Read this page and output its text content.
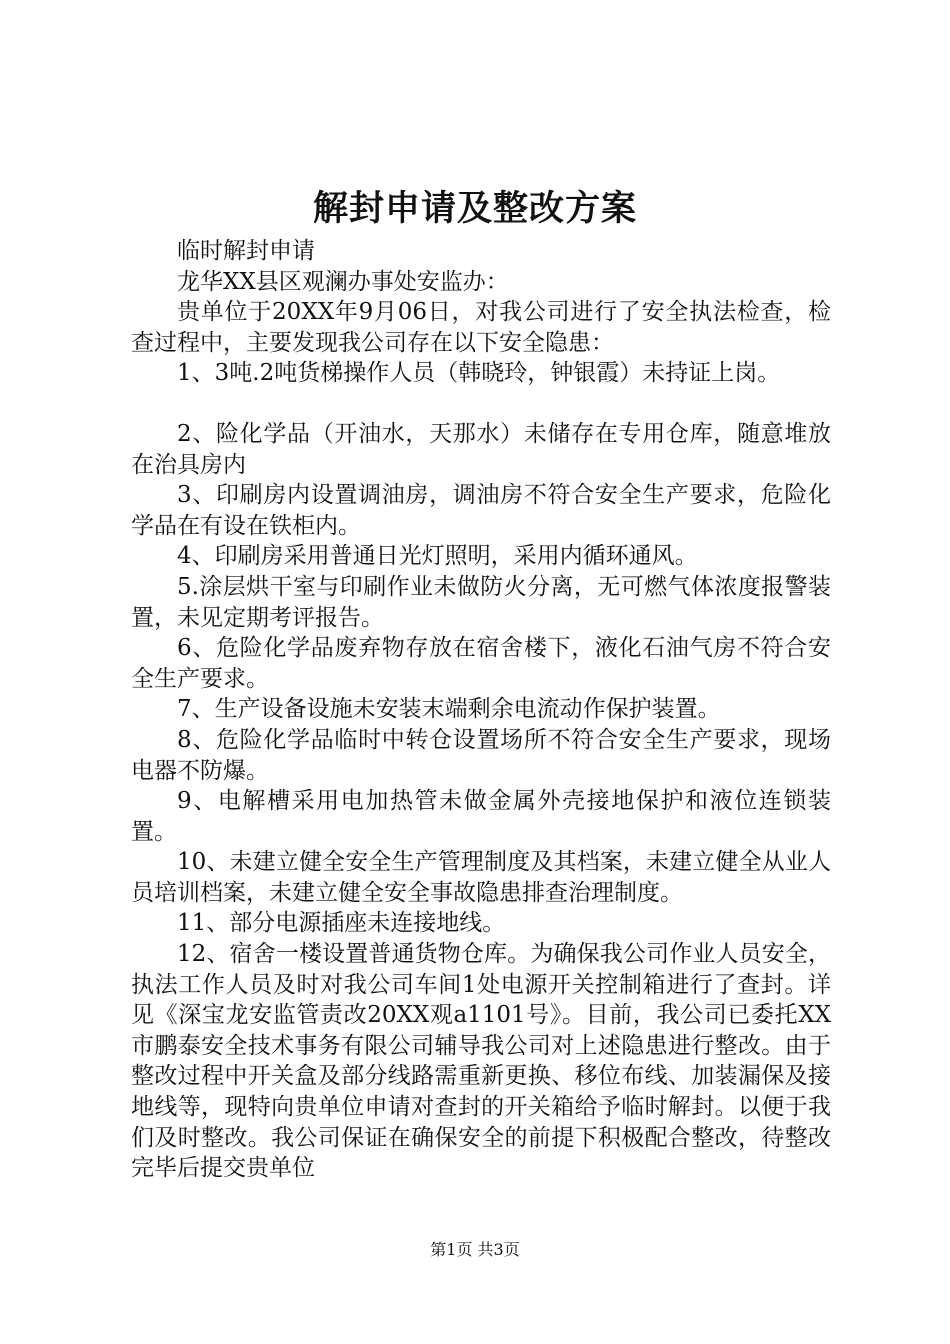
解封申请及整改方案

临时解封申请

龙华XX县区观澜办事处安监办：

贵单位于20XX年9月06日，对我公司进行了安全执法检查，检查过程中，主要发现我公司存在以下安全隐患：

1、3吨.2吨货梯操作人员（韩晓玲，钟银霞）未持证上岗。

2、险化学品（开油水，天那水）未储存在专用仓库，随意堆放在治具房内

3、印刷房内设置调油房，调油房不符合安全生产要求，危险化学品在有设在铁柜内。

4、印刷房采用普通日光灯照明，采用内循环通风。

5.涂层烘干室与印刷作业未做防火分离，无可燃气体浓度报警装置，未见定期考评报告。

6、危险化学品废弃物存放在宿舍楼下，液化石油气房不符合安全生产要求。

7、生产设备设施未安装末端剩余电流动作保护装置。

8、危险化学品临时中转仓设置场所不符合安全生产要求，现场电器不防爆。

9、电解槽采用电加热管未做金属外壳接地保护和液位连锁装置。

10、未建立健全安全生产管理制度及其档案，未建立健全从业人员培训档案，未建立健全安全事故隐患排查治理制度。

11、部分电源插座未连接地线。

12、宿舍一楼设置普通货物仓库。为确保我公司作业人员安全，执法工作人员及时对我公司车间1处电源开关控制箱进行了查封。详见《深宝龙安监管责改20XX观a1101号》。目前，我公司已委托XX市鹏泰安全技术事务有限公司辅导我公司对上述隐患进行整改。由于整改过程中开关盒及部分线路需重新更换、移位布线、加装漏保及接地线等，现特向贵单位申请对查封的开关箱给予临时解封。以便于我们及时整改。我公司保证在确保安全的前提下积极配合整改，待整改完毕后提交贵单位

第1页 共3页
